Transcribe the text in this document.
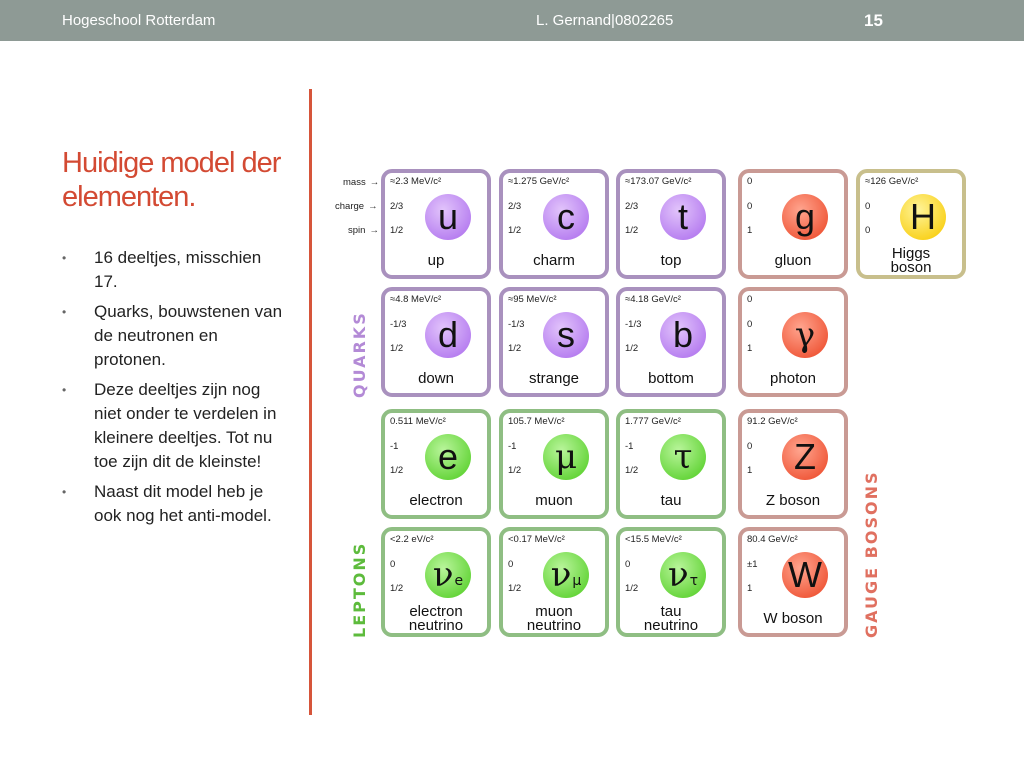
Hogeschool Rotterdam	L. Gernand|0802265	15
Huidige model der elementen.
• 16 deeltjes, misschien 17.
• Quarks, bouwstenen van de neutronen en protonen.
• Deze deeltjes zijn nog niet onder te verdelen in kleinere deeltjes. Tot nu toe zijn dit de kleinste!
• Naast dit model heb je ook nog het anti-model.
mass →
charge →
spin →
QUARKS
LEPTONS	GAUGE BOSONS
≈2.3 MeV/c²
2/3
1/2 u
up
≈1.275 GeV/c²
2/3
1/2 c
charm
≈173.07 GeV/c²
2/3
1/2 t
top
0
0
1 g
gluon
≈126 GeV/c²
0
0 H
Higgs
boson
≈4.8 MeV/c²
-1/3
1/2 d
down
≈95 MeV/c²
-1/3
1/2 s
strange
≈4.18 GeV/c²
-1/3
1/2 b
bottom
0
0
1 γ
photon
0.511 MeV/c²
-1
1/2 e
electron
105.7 MeV/c²
-1
1/2 μ
muon
1.777 GeV/c²
-1
1/2 τ
tau
91.2 GeV/c²
0
1 Z
Z boson
<2.2 eV/c²
0
1/2 ν e
electron
neutrino
<0.17 MeV/c²
0
1/2 ν μ
muon
neutrino
<15.5 MeV/c²
0
1/2 ν τ
tau
neutrino
80.4 GeV/c²
±1
1 W
W boson
